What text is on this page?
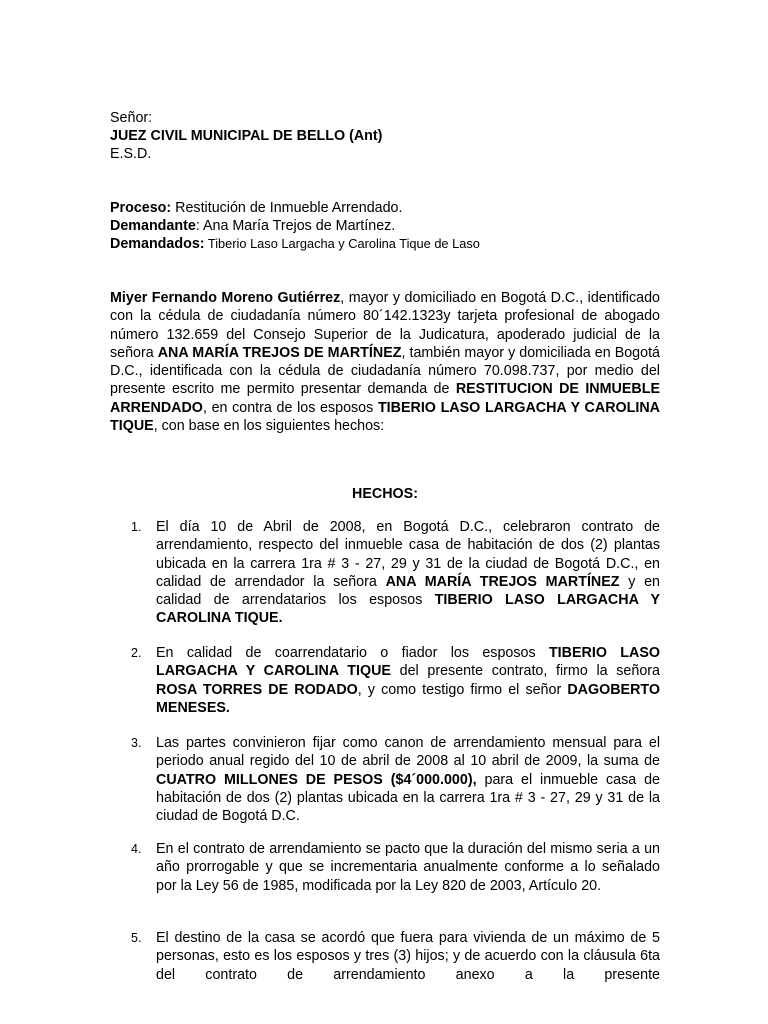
Señor:
JUEZ CIVIL MUNICIPAL DE BELLO (Ant)
E.S.D.
Proceso: Restitución de Inmueble Arrendado.
Demandante: Ana María Trejos de Martínez.
Demandados: Tiberio Laso Largacha y Carolina Tique de Laso
Miyer Fernando Moreno Gutiérrez, mayor y domiciliado en Bogotá D.C., identificado con la cédula de ciudadanía número 80´142.1323y tarjeta profesional de abogado número 132.659 del Consejo Superior de la Judicatura, apoderado judicial de la señora ANA MARÍA TREJOS DE MARTÍNEZ, también mayor y domiciliada en Bogotá D.C., identificada con la cédula de ciudadanía número 70.098.737, por medio del presente escrito me permito presentar demanda de RESTITUCION DE INMUEBLE ARRENDADO, en contra de los esposos TIBERIO LASO LARGACHA Y CAROLINA TIQUE, con base en los siguientes hechos:
HECHOS:
1. El día 10 de Abril de 2008, en Bogotá D.C., celebraron contrato de arrendamiento, respecto del inmueble casa de habitación de dos (2) plantas ubicada en la carrera 1ra # 3 - 27, 29 y 31 de la ciudad de Bogotá D.C., en calidad de arrendador la señora ANA MARÍA TREJOS MARTÍNEZ y en calidad de arrendatarios los esposos TIBERIO LASO LARGACHA Y CAROLINA TIQUE.
2. En calidad de coarrendatario o fiador los esposos TIBERIO LASO LARGACHA Y CAROLINA TIQUE del presente contrato, firmo la señora ROSA TORRES DE RODADO, y como testigo firmo el señor DAGOBERTO MENESES.
3. Las partes convinieron fijar como canon de arrendamiento mensual para el periodo anual regido del 10 de abril de 2008 al 10 abril de 2009, la suma de CUATRO MILLONES DE PESOS ($4´000.000), para el inmueble casa de habitación de dos (2) plantas ubicada en la carrera 1ra # 3 - 27, 29 y 31 de la ciudad de Bogotá D.C.
4. En el contrato de arrendamiento se pacto que la duración del mismo seria a un año prorrogable y que se incrementaria anualmente conforme a lo señalado por la Ley 56 de 1985, modificada por la Ley 820 de 2003, Artículo 20.
5. El destino de la casa se acordó que fuera para vivienda de un máximo de 5 personas, esto es los esposos y tres (3) hijos; y de acuerdo con la cláusula 6ta del contrato de arrendamiento anexo a la presente
